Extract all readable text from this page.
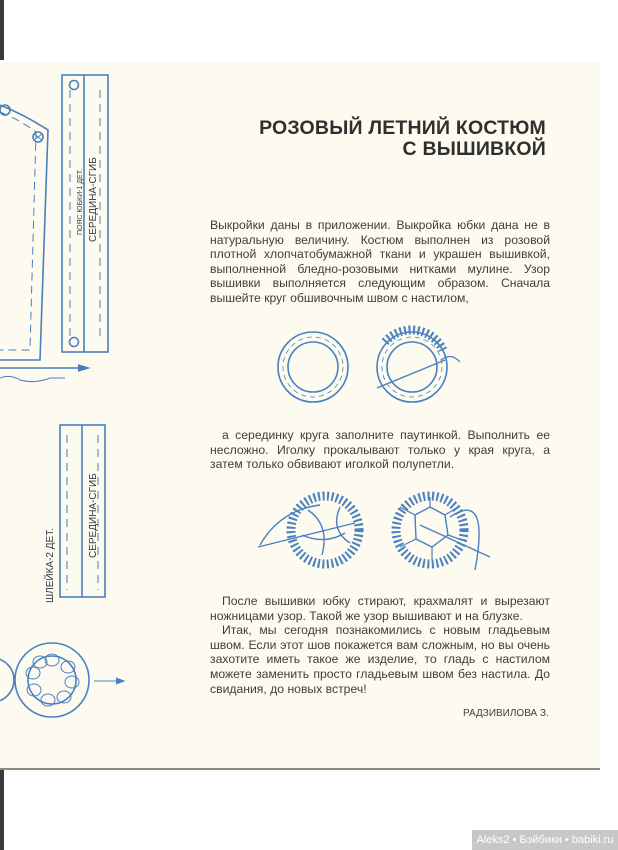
ПОЯС ЮБКИ-1 ДЕТ. СЕРЕДИНА-СГИБ
ШЛЕЙКА-2 ДЕТ.
СЕРЕДИНА-СГИБ
РОЗОВЫЙ ЛЕТНИЙ КОСТЮМ
С ВЫШИВКОЙ

Выкройки даны в приложении. Выкройка юбки дана не в натуральную величину. Костюм выполнен из розовой плотной хлопчатобумажной ткани и украшен вышивкой, выполненной бледно-розовыми нитками мулине. Узор вышивки выполняется следующим образом. Сначала вышейте круг обшивочным швом с настилом,

а серединку круга заполните паутинкой. Выполнить ее несложно. Иголку прокалывают только у края круга, а затем только обвивают иголкой полупетли.

После вышивки юбку стирают, крахмалят и вырезают ножницами узор. Такой же узор вышивают и на блузке.

Итак, мы сегодня познакомились с новым гладьевым швом. Если этот шов покажется вам сложным, но вы очень захотите иметь такое же изделие, то гладь с настилом можете заменить просто гладьевым швом без настила. До свидания, до новых встреч!

РАДЗИВИЛОВА З.
Aleks2 • Бэйбики • babiki.ru
